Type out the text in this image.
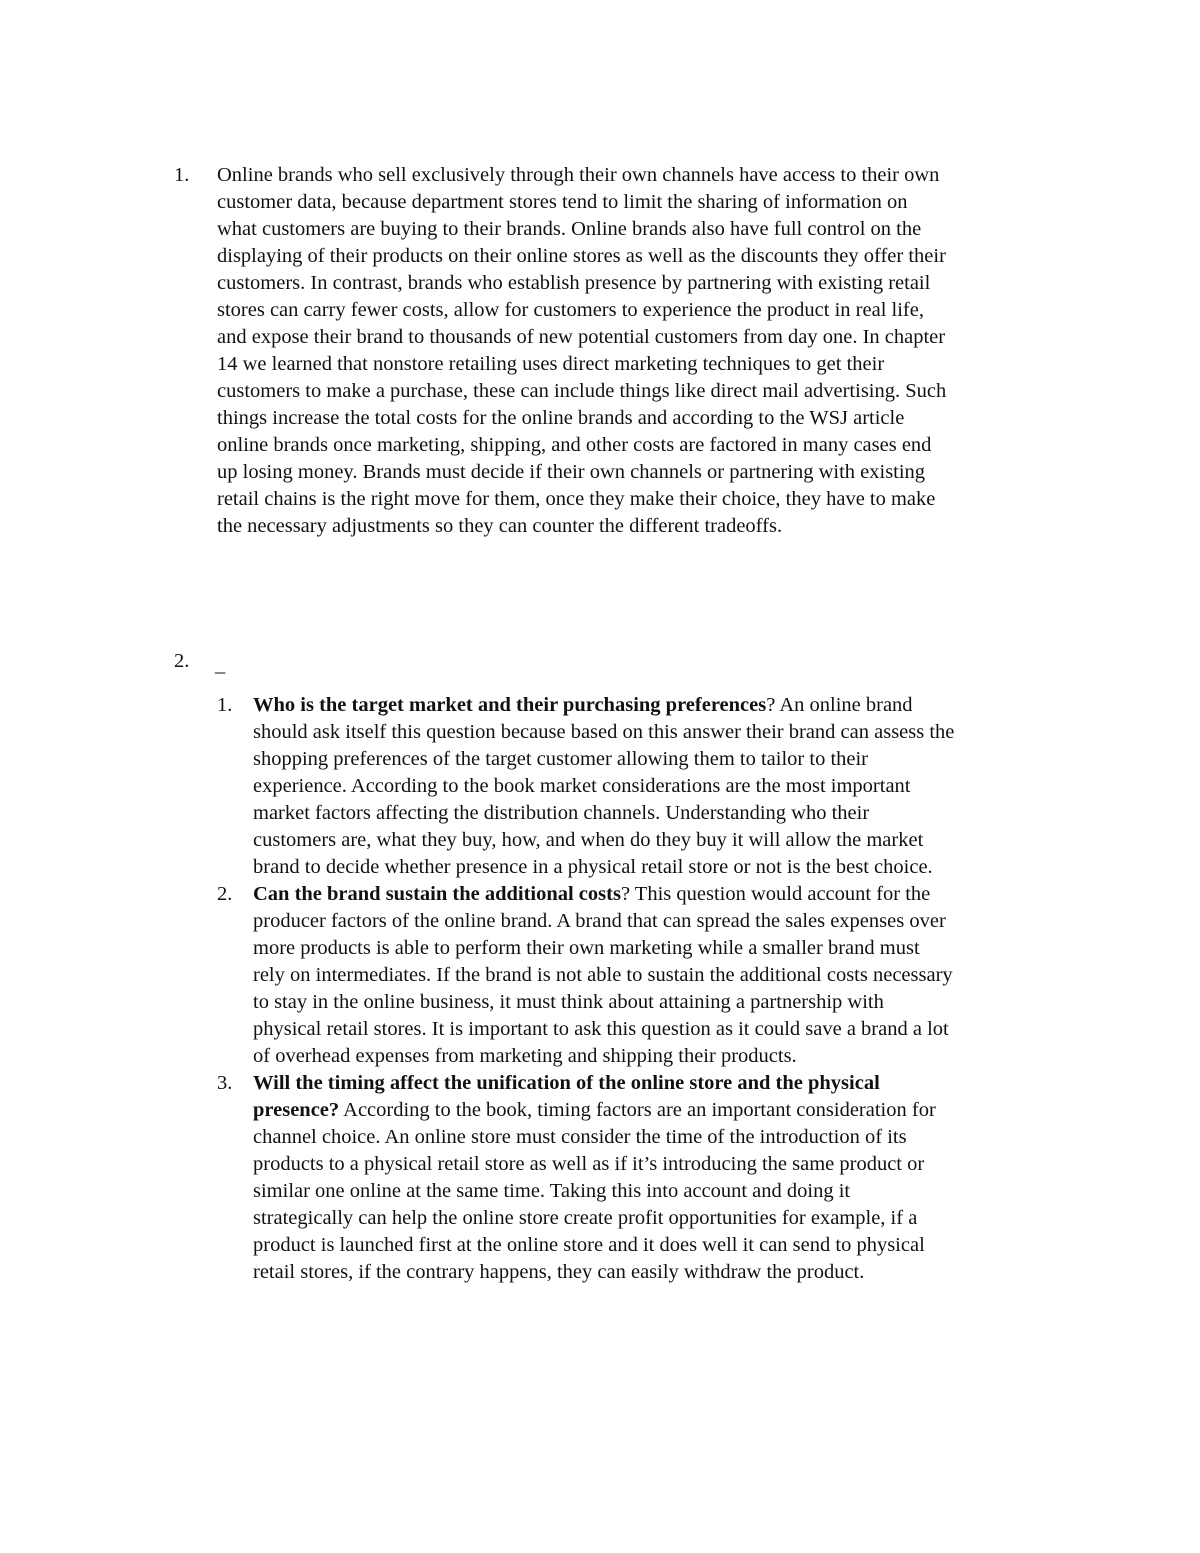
1. Online brands who sell exclusively through their own channels have access to their own
customer data, because department stores tend to limit the sharing of information on
what customers are buying to their brands. Online brands also have full control on the
displaying of their products on their online stores as well as the discounts they offer their
customers. In contrast, brands who establish presence by partnering with existing retail
stores can carry fewer costs, allow for customers to experience the product in real life,
and expose their brand to thousands of new potential customers from day one. In chapter
14 we learned that nonstore retailing uses direct marketing techniques to get their
customers to make a purchase, these can include things like direct mail advertising. Such
things increase the total costs for the online brands and according to the WSJ article
online brands once marketing, shipping, and other costs are factored in many cases end
up losing money. Brands must decide if their own channels or partnering with existing
retail chains is the right move for them, once they make their choice, they have to make
the necessary adjustments so they can counter the different tradeoffs.
2. _
1. Who is the target market and their purchasing preferences? An online brand
should ask itself this question because based on this answer their brand can assess the
shopping preferences of the target customer allowing them to tailor to their
experience. According to the book market considerations are the most important
market factors affecting the distribution channels. Understanding who their
customers are, what they buy, how, and when do they buy it will allow the market
brand to decide whether presence in a physical retail store or not is the best choice.
2. Can the brand sustain the additional costs? This question would account for the
producer factors of the online brand. A brand that can spread the sales expenses over
more products is able to perform their own marketing while a smaller brand must
rely on intermediates. If the brand is not able to sustain the additional costs necessary
to stay in the online business, it must think about attaining a partnership with
physical retail stores. It is important to ask this question as it could save a brand a lot
of overhead expenses from marketing and shipping their products.
3. Will the timing affect the unification of the online store and the physical
presence? According to the book, timing factors are an important consideration for
channel choice. An online store must consider the time of the introduction of its
products to a physical retail store as well as if it’s introducing the same product or
similar one online at the same time. Taking this into account and doing it
strategically can help the online store create profit opportunities for example, if a
product is launched first at the online store and it does well it can send to physical
retail stores, if the contrary happens, they can easily withdraw the product.
